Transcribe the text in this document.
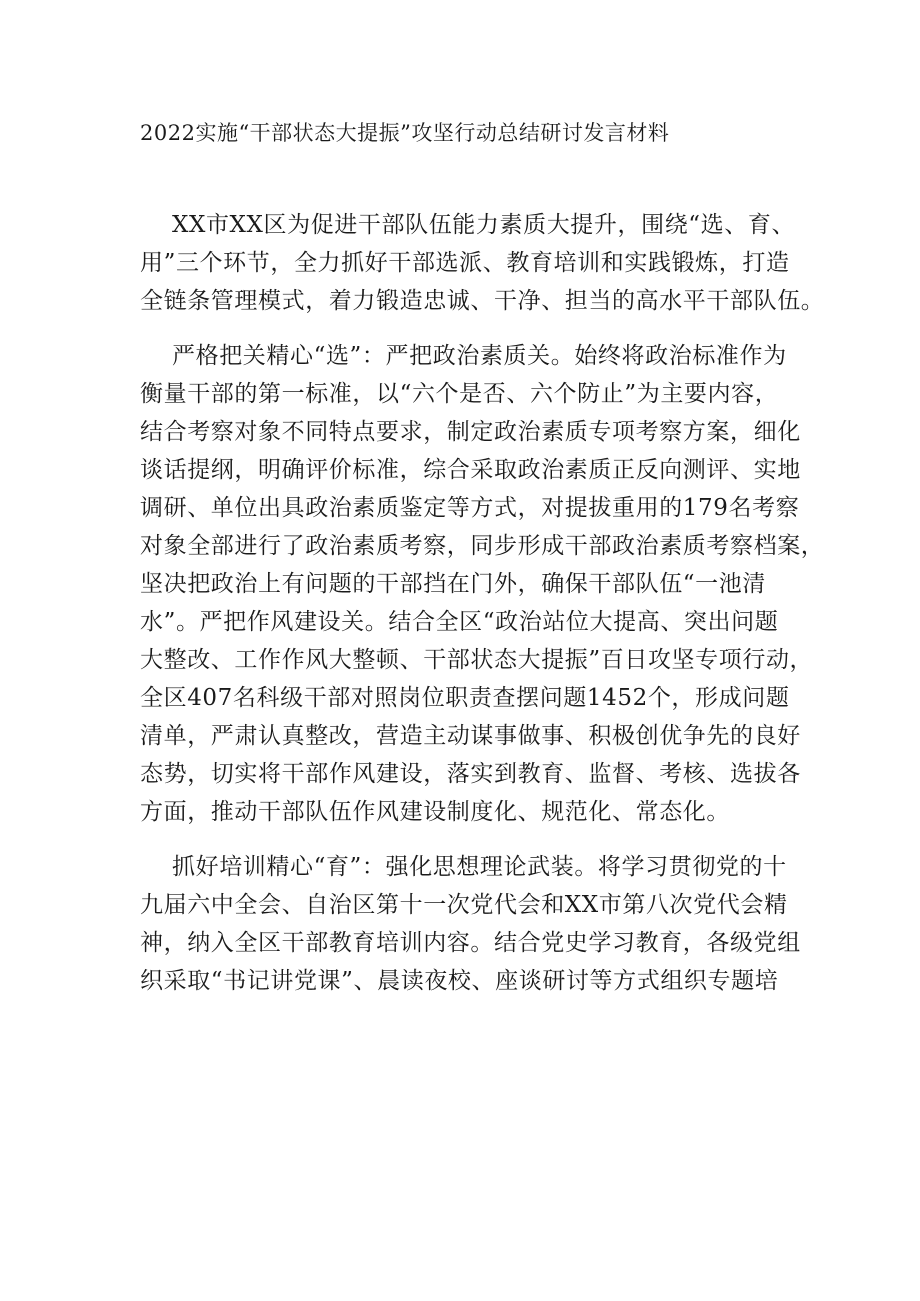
2022实施“干部状态大提振”攻坚行动总结研讨发言材料

XX市XX区为促进干部队伍能力素质大提升，围绕“选、育、
用”三个环节，全力抓好干部选派、教育培训和实践锻炼，打造
全链条管理模式，着力锻造忠诚、干净、担当的高水平干部队伍。

严格把关精心“选”：严把政治素质关。始终将政治标准作为
衡量干部的第一标准，以“六个是否、六个防止”为主要内容，
结合考察对象不同特点要求，制定政治素质专项考察方案，细化
谈话提纲，明确评价标准，综合采取政治素质正反向测评、实地
调研、单位出具政治素质鉴定等方式，对提拔重用的179名考察
对象全部进行了政治素质考察，同步形成干部政治素质考察档案，
坚决把政治上有问题的干部挡在门外，确保干部队伍“一池清
水”。严把作风建设关。结合全区“政治站位大提高、突出问题
大整改、工作作风大整顿、干部状态大提振”百日攻坚专项行动，
全区407名科级干部对照岗位职责查摆问题1452个，形成问题
清单，严肃认真整改，营造主动谋事做事、积极创优争先的良好
态势，切实将干部作风建设，落实到教育、监督、考核、选拔各
方面，推动干部队伍作风建设制度化、规范化、常态化。

抓好培训精心“育”：强化思想理论武装。将学习贯彻党的十
九届六中全会、自治区第十一次党代会和XX市第八次党代会精
神，纳入全区干部教育培训内容。结合党史学习教育，各级党组
织采取“书记讲党课”、晨读夜校、座谈研讨等方式组织专题培
